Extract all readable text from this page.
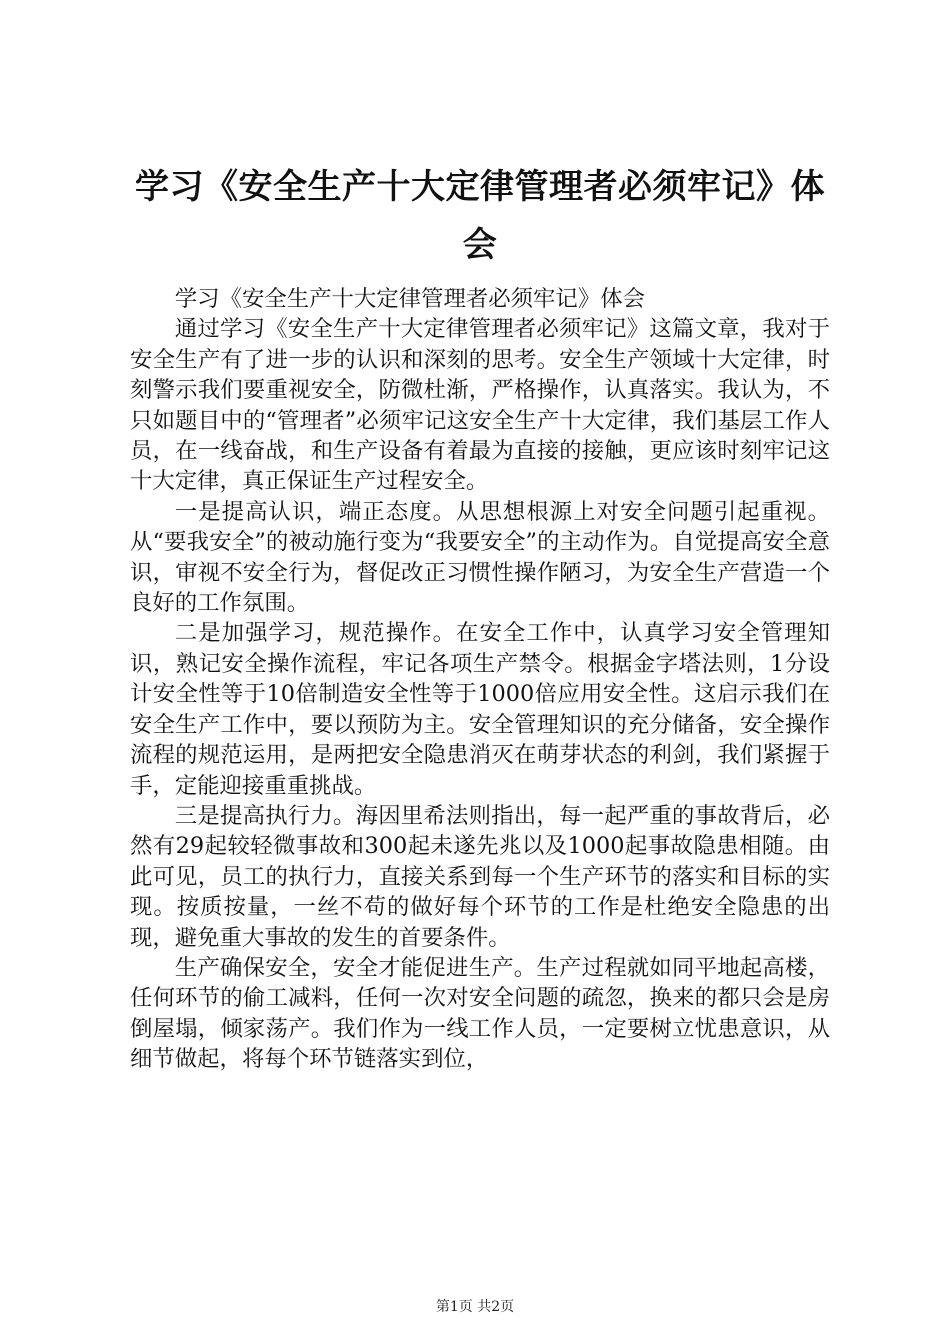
学习《安全生产十大定律管理者必须牢记》体会

学习《安全生产十大定律管理者必须牢记》体会

通过学习《安全生产十大定律管理者必须牢记》这篇文章，我对于安全生产有了进一步的认识和深刻的思考。安全生产领域十大定律，时刻警示我们要重视安全，防微杜渐，严格操作，认真落实。我认为，不只如题目中的“管理者”必须牢记这安全生产十大定律，我们基层工作人员，在一线奋战，和生产设备有着最为直接的接触，更应该时刻牢记这十大定律，真正保证生产过程安全。

一是提高认识，端正态度。从思想根源上对安全问题引起重视。从“要我安全”的被动施行变为“我要安全”的主动作为。自觉提高安全意识，审视不安全行为，督促改正习惯性操作陋习，为安全生产营造一个良好的工作氛围。

二是加强学习，规范操作。在安全工作中，认真学习安全管理知识，熟记安全操作流程，牢记各项生产禁令。根据金字塔法则，1分设计安全性等于10倍制造安全性等于1000倍应用安全性。这启示我们在安全生产工作中，要以预防为主。安全管理知识的充分储备，安全操作流程的规范运用，是两把安全隐患消灭在萌芽状态的利剑，我们紧握于手，定能迎接重重挑战。

三是提高执行力。海因里希法则指出，每一起严重的事故背后，必然有29起较轻微事故和300起未遂先兆以及1000起事故隐患相随。由此可见，员工的执行力，直接关系到每一个生产环节的落实和目标的实现。按质按量，一丝不苟的做好每个环节的工作是杜绝安全隐患的出现，避免重大事故的发生的首要条件。

生产确保安全，安全才能促进生产。生产过程就如同平地起高楼，任何环节的偷工减料，任何一次对安全问题的疏忽，换来的都只会是房倒屋塌，倾家荡产。我们作为一线工作人员，一定要树立忧患意识，从细节做起，将每个环节链落实到位，

第1页 共2页
